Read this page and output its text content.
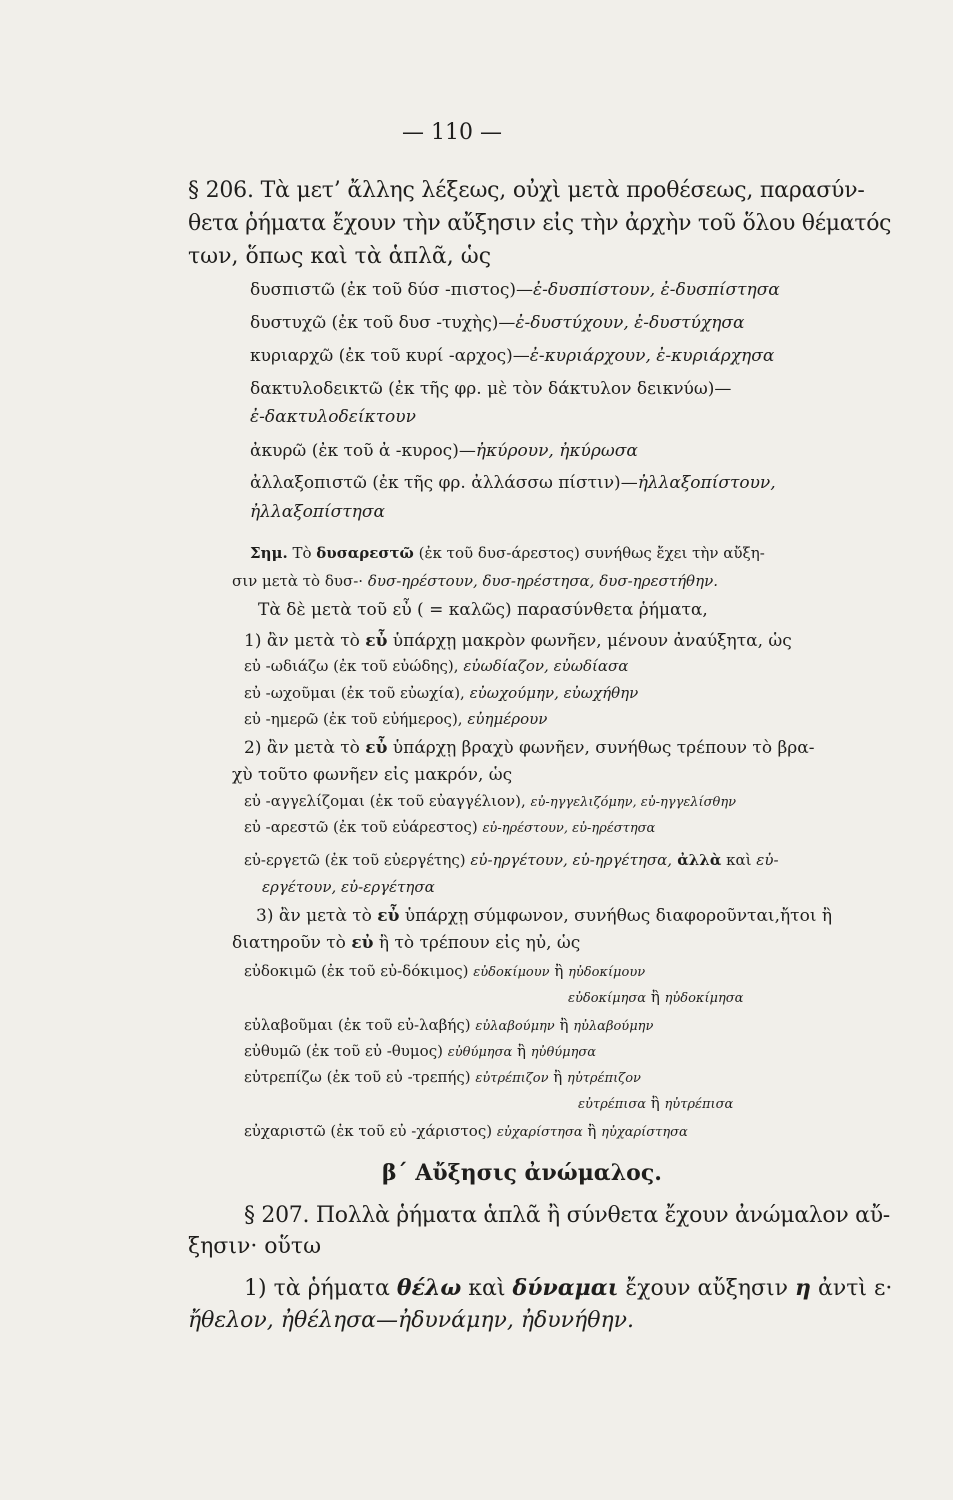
— 110 —
§ 206. Τὰ μετ’ ἄλλης λέξεως, οὐχὶ μετὰ προθέσεως, παρασύν-
θετα ῥήματα ἔχουν τὴν αὔξησιν εἰς τὴν ἀρχὴν τοῦ ὅλου θέματός
των, ὅπως καὶ τὰ ἁπλᾶ, ὡς
δυσπιστῶ (ἐκ τοῦ δύσ -πιστος)—ἐ-δυσπίστουν, ἐ-δυσπίστησα
δυστυχῶ (ἐκ τοῦ δυσ -τυχὴς)—ἐ-δυστύχουν, ἐ-δυστύχησα
κυριαρχῶ (ἐκ τοῦ κυρί -αρχος)—ἐ-κυριάρχουν, ἐ-κυριάρχησα
δακτυλοδεικτῶ (ἐκ τῆς φρ. μὲ τὸν δάκτυλον δεικνύω)—
ἐ-δακτυλοδείκτουν
ἀκυρῶ (ἐκ τοῦ ἀ -κυρος)—ἠκύρουν, ἠκύρωσα
ἀλλαξοπιστῶ (ἐκ τῆς φρ. ἀλλάσσω πίστιν)—ἠλλαξοπίστουν,
ἠλλαξοπίστησα
Σημ. Τὸ δυσαρεστῶ (ἐκ τοῦ δυσ-άρεστος) συνήθως ἔχει τὴν αὔξη-
σιν μετὰ τὸ δυσ-· δυσ-ηρέστουν, δυσ-ηρέστησα, δυσ-ηρεστήθην.
Τὰ δὲ μετὰ τοῦ εὖ ( = καλῶς) παρασύνθετα ῥήματα,
1) ἂν μετὰ τὸ εὖ ὑπάρχῃ μακρὸν φωνῆεν, μένουν ἀναύξητα, ὡς
εὐ -ωδιάζω (ἐκ τοῦ εὐώδης), εὐωδίαζον, εὐωδίασα
εὐ -ωχοῦμαι (ἐκ τοῦ εὐωχία), εὐωχούμην, εὐωχήθην
εὐ -ημερῶ (ἐκ τοῦ εὐήμερος), εὐημέρουν
2) ἂν μετὰ τὸ εὖ ὑπάρχῃ βραχὺ φωνῆεν, συνήθως τρέπουν τὸ βρα-
χὺ τοῦτο φωνῆεν εἰς μακρόν, ὡς
εὐ -αγγελίζομαι (ἐκ τοῦ εὐαγγέλιον), εὐ-ηγγελιζόμην, εὐ-ηγγελίσθην
εὐ -αρεστῶ (ἐκ τοῦ εὐάρεστος) εὐ-ηρέστουν, εὐ-ηρέστησα
εὐ-εργετῶ (ἐκ τοῦ εὐεργέτης) εὐ-ηργέτουν, εὐ-ηργέτησα, ἀλλὰ καὶ εὐ-
εργέτουν, εὐ-εργέτησα
3) ἂν μετὰ τὸ εὖ ὑπάρχῃ σύμφωνον, συνήθως διαφοροῦνται,ἤτοι ἢ
διατηροῦν τὸ εὐ ἢ τὸ τρέπουν εἰς ηὐ, ὡς
εὐδοκιμῶ (ἐκ τοῦ εὐ-δόκιμος) εὐδοκίμουν ἢ ηὐδοκίμουν
εὐδοκίμησα ἢ ηὐδοκίμησα
εὐλαβοῦμαι (ἐκ τοῦ εὐ-λαβής) εὐλαβούμην ἢ ηὐλαβούμην
εὐθυμῶ (ἐκ τοῦ εὐ -θυμος) εὐθύμησα ἢ ηὐθύμησα
εὐτρεπίζω (ἐκ τοῦ εὐ -τρεπής) εὐτρέπιζον ἢ ηὐτρέπιζον
εὐτρέπισα ἢ ηὐτρέπισα
εὐχαριστῶ (ἐκ τοῦ εὐ -χάριστος) εὐχαρίστησα ἢ ηὐχαρίστησα
β΄ Αὔξησις ἀνώμαλος.
§ 207. Πολλὰ ῥήματα ἁπλᾶ ἢ σύνθετα ἔχουν ἀνώμαλον αὔ-
ξησιν· οὕτω
1) τὰ ῥήματα θέλω καὶ δύναμαι ἔχουν αὔξησιν η ἀντὶ ε·
ἤθελον, ἠθέλησα—ἠδυνάμην, ἠδυνήθην.
